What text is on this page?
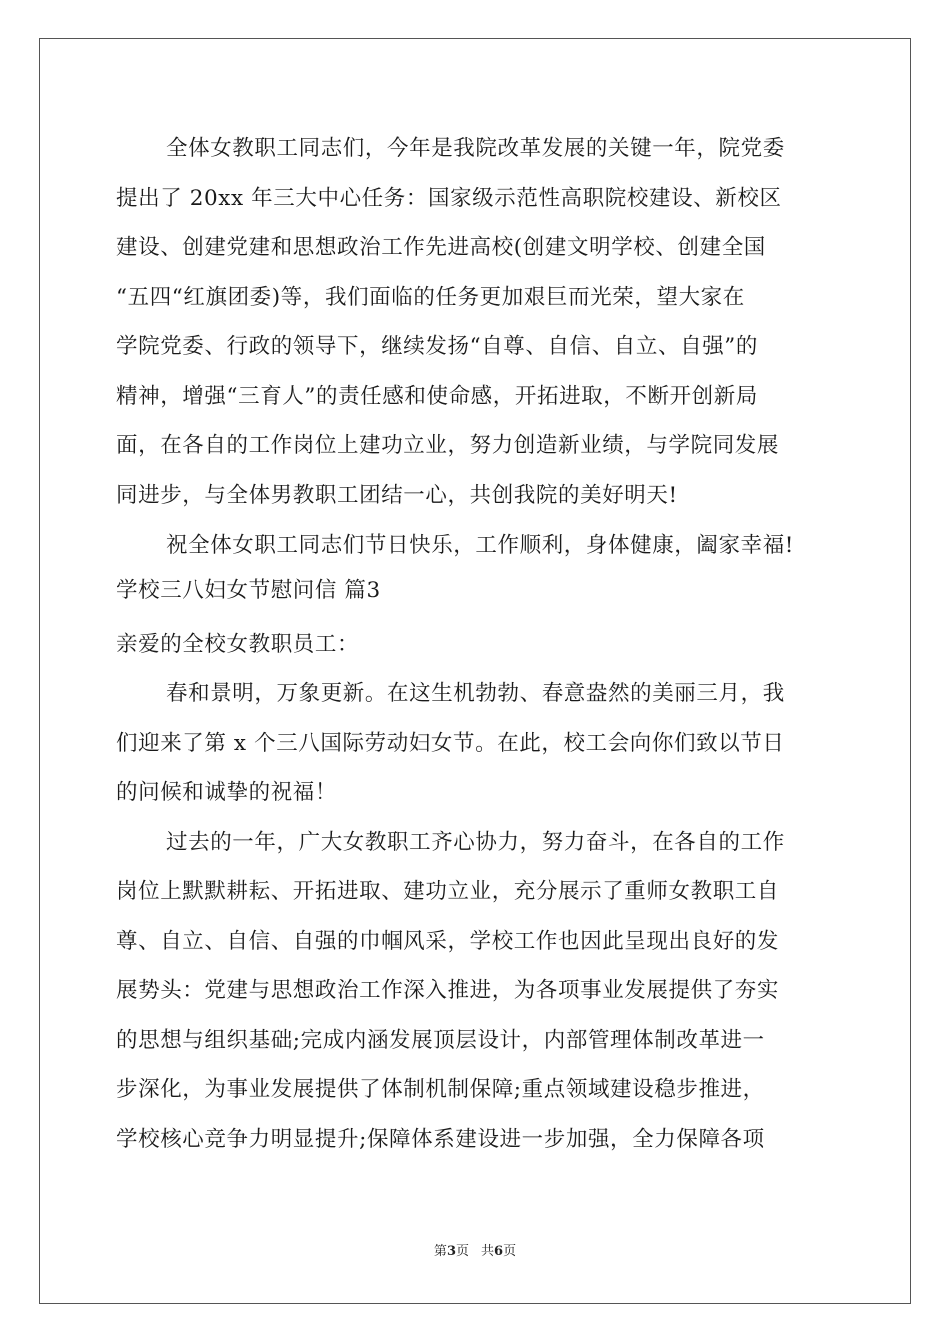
全体女教职工同志们，今年是我院改革发展的关键一年，院党委
提出了 20xx 年三大中心任务：国家级示范性高职院校建设、新校区
建设、创建党建和思想政治工作先进高校(创建文明学校、创建全国
“五四“红旗团委)等，我们面临的任务更加艰巨而光荣，望大家在
学院党委、行政的领导下，继续发扬“自尊、自信、自立、自强”的
精神，增强“三育人”的责任感和使命感，开拓进取，不断开创新局
面，在各自的工作岗位上建功立业，努力创造新业绩，与学院同发展
同进步，与全体男教职工团结一心，共创我院的美好明天!
祝全体女职工同志们节日快乐，工作顺利，身体健康，阖家幸福!
学校三八妇女节慰问信 篇3
亲爱的全校女教职员工：
春和景明，万象更新。在这生机勃勃、春意盎然的美丽三月，我
们迎来了第 x 个三八国际劳动妇女节。在此，校工会向你们致以节日
的问候和诚挚的祝福！
过去的一年，广大女教职工齐心协力，努力奋斗，在各自的工作
岗位上默默耕耘、开拓进取、建功立业，充分展示了重师女教职工自
尊、自立、自信、自强的巾帼风采，学校工作也因此呈现出良好的发
展势头：党建与思想政治工作深入推进，为各项事业发展提供了夯实
的思想与组织基础;完成内涵发展顶层设计，内部管理体制改革进一
步深化，为事业发展提供了体制机制保障;重点领域建设稳步推进，
学校核心竞争力明显提升;保障体系建设进一步加强，全力保障各项
第3页 共6页
